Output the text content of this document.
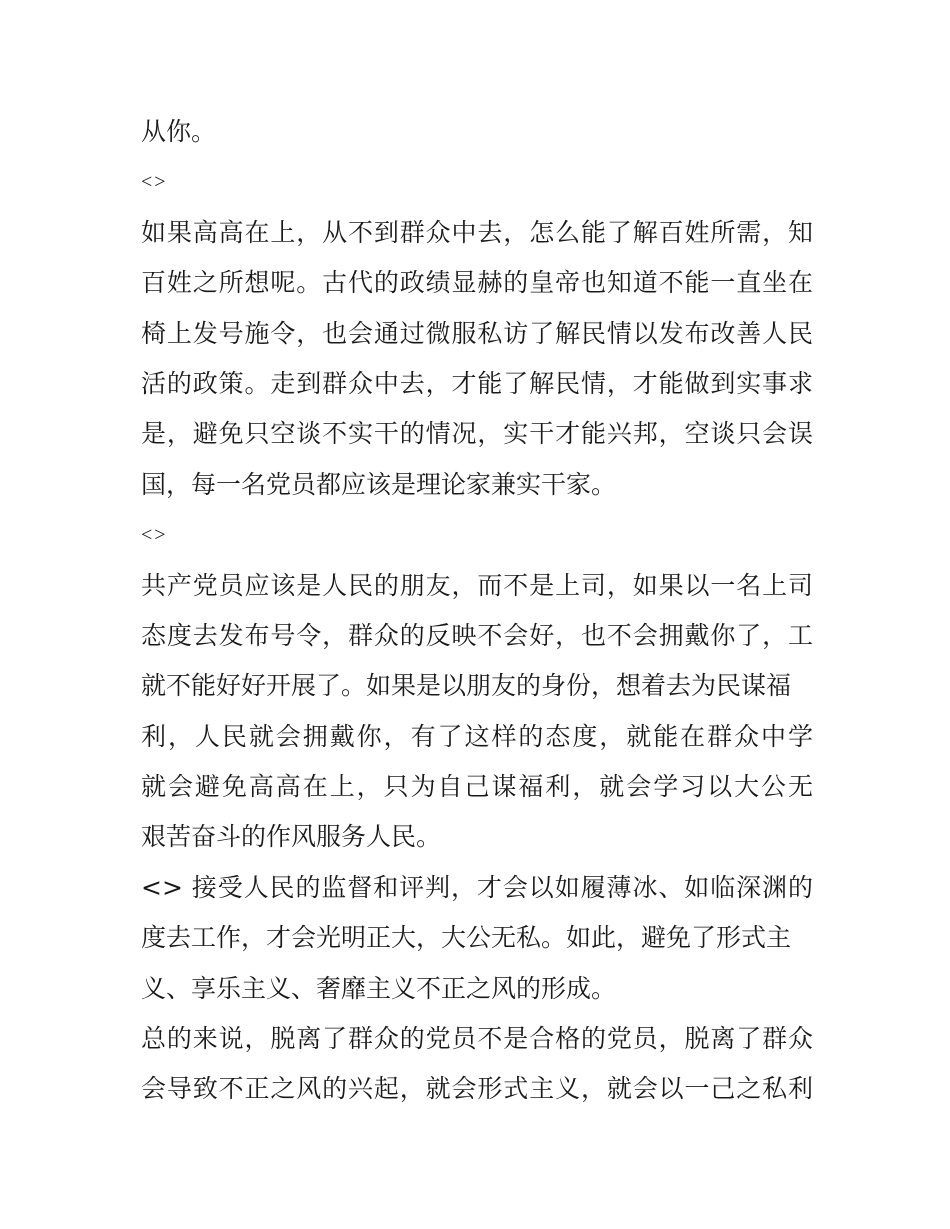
从你。
<>
如果高高在上，从不到群众中去，怎么能了解百姓所需，知
百姓之所想呢。古代的政绩显赫的皇帝也知道不能一直坐在
椅上发号施令，也会通过微服私访了解民情以发布改善人民
活的政策。走到群众中去，才能了解民情，才能做到实事求
是，避免只空谈不实干的情况，实干才能兴邦，空谈只会误
国，每一名党员都应该是理论家兼实干家。
<>
共产党员应该是人民的朋友，而不是上司，如果以一名上司
态度去发布号令，群众的反映不会好，也不会拥戴你了，工
就不能好好开展了。如果是以朋友的身份，想着去为民谋福
利，人民就会拥戴你，有了这样的态度，就能在群众中学
就会避免高高在上，只为自己谋福利，就会学习以大公无
艰苦奋斗的作风服务人民。
<> 接受人民的监督和评判，才会以如履薄冰、如临深渊的
度去工作，才会光明正大，大公无私。如此，避免了形式主
义、享乐主义、奢靡主义不正之风的形成。
总的来说，脱离了群众的党员不是合格的党员，脱离了群众
会导致不正之风的兴起，就会形式主义，就会以一己之私利
